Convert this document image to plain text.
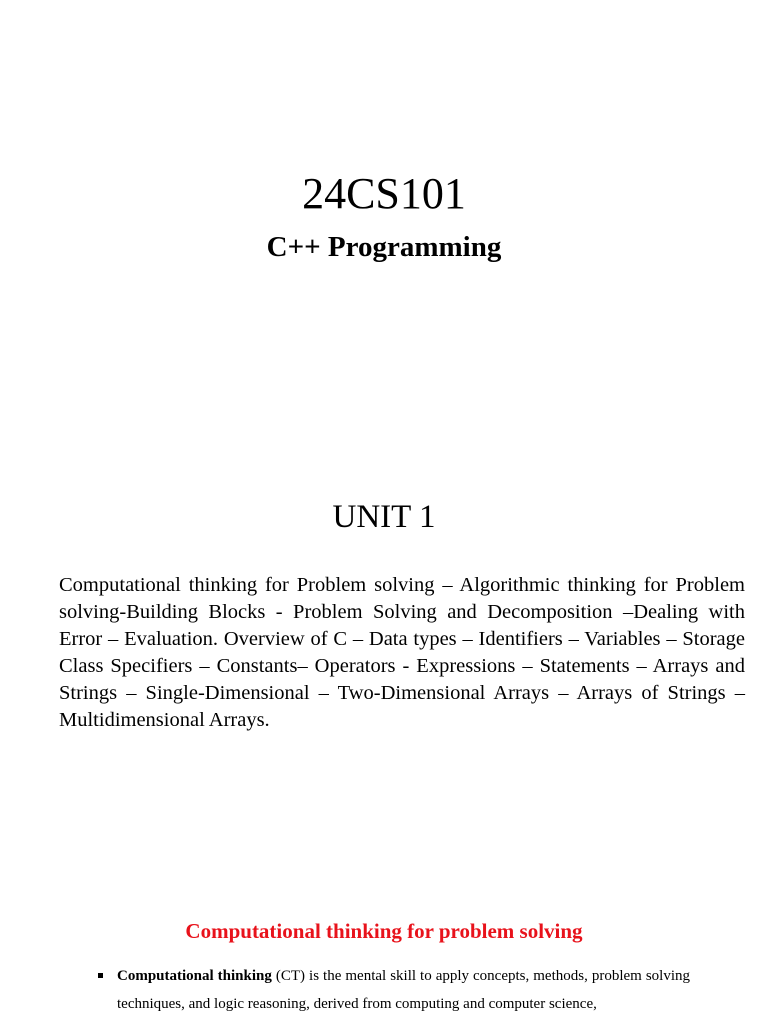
24CS101
C++ Programming
UNIT 1

Computational thinking for Problem solving – Algorithmic thinking for Problem solving-Building Blocks - Problem Solving and Decomposition –Dealing with Error – Evaluation. Overview of C – Data types – Identifiers – Variables – Storage Class Specifiers – Constants– Operators - Expressions – Statements – Arrays and Strings – Single-Dimensional – Two-Dimensional Arrays – Arrays of Strings – Multidimensional Arrays.

Computational thinking for problem solving
Computational thinking (CT) is the mental skill to apply concepts, methods, problem solving techniques, and logic reasoning, derived from computing and computer science,
